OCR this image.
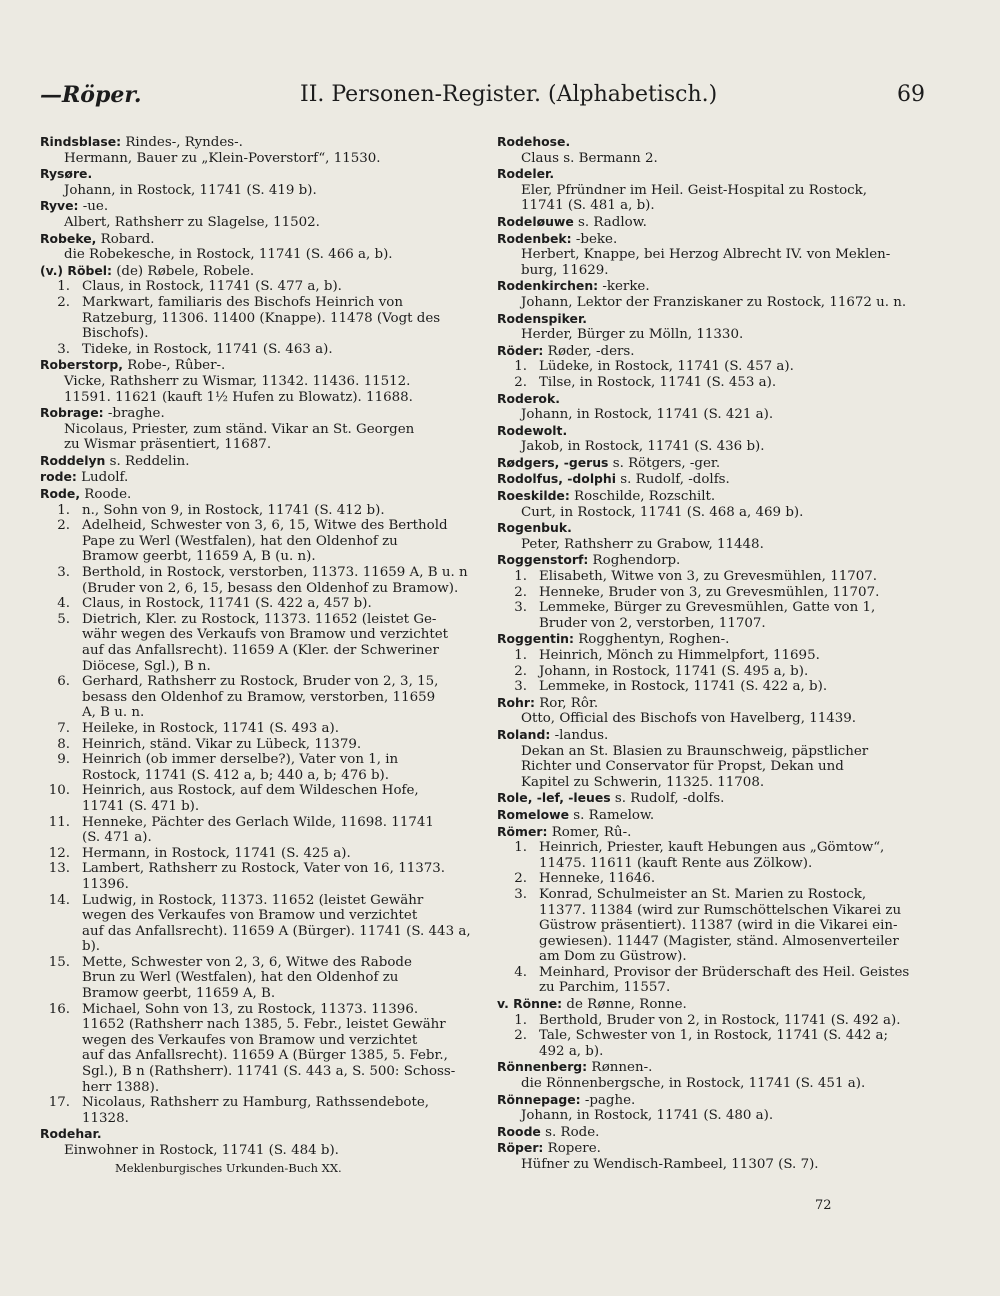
—Röper.	II. Personen-Register. (Alphabetisch.)	69
Rindsblase: Rindes-, Ryndes-.
Hermann, Bauer zu „Klein-Poverstorf“, 11530.
Rysøre.
Johann, in Rostock, 11741 (S. 419 b).
Ryve: -ue.
Albert, Rathsherr zu Slagelse, 11502.
Robeke, Robard.
die Robekesche, in Rostock, 11741 (S. 466 a, b).
(v.) Röbel: (de) Røbele, Robele.
1. Claus, in Rostock, 11741 (S. 477 a, b).
2. Markwart, familiaris des Bischofs Heinrich von
Ratzeburg, 11306. 11400 (Knappe). 11478 (Vogt des
Bischofs).
3. Tideke, in Rostock, 11741 (S. 463 a).
Roberstorp, Robe-, Rûber-.
Vicke, Rathsherr zu Wismar, 11342. 11436. 11512.
11591. 11621 (kauft 1½ Hufen zu Blowatz). 11688.
Robrage: -braghe.
Nicolaus, Priester, zum ständ. Vikar an St. Georgen
zu Wismar präsentiert, 11687.
Roddelyn s. Reddelin.
rode: Ludolf.
Rode, Roode.
1. n., Sohn von 9, in Rostock, 11741 (S. 412 b).
2. Adelheid, Schwester von 3, 6, 15, Witwe des Berthold
Pape zu Werl (Westfalen), hat den Oldenhof zu
Bramow geerbt, 11659 A, B (u. n).
3. Berthold, in Rostock, verstorben, 11373. 11659 A, B u. n
(Bruder von 2, 6, 15, besass den Oldenhof zu Bramow).
4. Claus, in Rostock, 11741 (S. 422 a, 457 b).
5. Dietrich, Kler. zu Rostock, 11373. 11652 (leistet Ge-
währ wegen des Verkaufs von Bramow und verzichtet
auf das Anfallsrecht). 11659 A (Kler. der Schweriner
Diöcese, Sgl.), B n.
6. Gerhard, Rathsherr zu Rostock, Bruder von 2, 3, 15,
besass den Oldenhof zu Bramow, verstorben, 11659
A, B u. n.
7. Heileke, in Rostock, 11741 (S. 493 a).
8. Heinrich, ständ. Vikar zu Lübeck, 11379.
9. Heinrich (ob immer derselbe?), Vater von 1, in
Rostock, 11741 (S. 412 a, b; 440 a, b; 476 b).
10. Heinrich, aus Rostock, auf dem Wildeschen Hofe,
11741 (S. 471 b).
11. Henneke, Pächter des Gerlach Wilde, 11698. 11741
(S. 471 a).
12. Hermann, in Rostock, 11741 (S. 425 a).
13. Lambert, Rathsherr zu Rostock, Vater von 16, 11373.
11396.
14. Ludwig, in Rostock, 11373. 11652 (leistet Gewähr
wegen des Verkaufes von Bramow und verzichtet
auf das Anfallsrecht). 11659 A (Bürger). 11741 (S. 443 a, b).
15. Mette, Schwester von 2, 3, 6, Witwe des Rabode
Brun zu Werl (Westfalen), hat den Oldenhof zu
Bramow geerbt, 11659 A, B.
16. Michael, Sohn von 13, zu Rostock, 11373. 11396.
11652 (Rathsherr nach 1385, 5. Febr., leistet Gewähr
wegen des Verkaufes von Bramow und verzichtet
auf das Anfallsrecht). 11659 A (Bürger 1385, 5. Febr.,
Sgl.), B n (Rathsherr). 11741 (S. 443 a, S. 500: Schoss-
herr 1388).
17. Nicolaus, Rathsherr zu Hamburg, Rathssendebote,
11328.
Rodehar.
Einwohner in Rostock, 11741 (S. 484 b).
Rodehose.
Claus s. Bermann 2.
Rodeler.
Eler, Pfründner im Heil. Geist-Hospital zu Rostock,
11741 (S. 481 a, b).
Rodeløuwe s. Radlow.
Rodenbek: -beke.
Herbert, Knappe, bei Herzog Albrecht IV. von Meklen-
burg, 11629.
Rodenkirchen: -kerke.
Johann, Lektor der Franziskaner zu Rostock, 11672 u. n.
Rodenspiker.
Herder, Bürger zu Mölln, 11330.
Röder: Røder, -ders.
1. Lüdeke, in Rostock, 11741 (S. 457 a).
2. Tilse, in Rostock, 11741 (S. 453 a).
Roderok.
Johann, in Rostock, 11741 (S. 421 a).
Rodewolt.
Jakob, in Rostock, 11741 (S. 436 b).
Rødgers, -gerus s. Rötgers, -ger.
Rodolfus, -dolphi s. Rudolf, -dolfs.
Roeskilde: Roschilde, Rozschilt.
Curt, in Rostock, 11741 (S. 468 a, 469 b).
Rogenbuk.
Peter, Rathsherr zu Grabow, 11448.
Roggenstorf: Roghendorp.
1. Elisabeth, Witwe von 3, zu Grevesmühlen, 11707.
2. Henneke, Bruder von 3, zu Grevesmühlen, 11707.
3. Lemmeke, Bürger zu Grevesmühlen, Gatte von 1,
Bruder von 2, verstorben, 11707.
Roggentin: Rogghentyn, Roghen-.
1. Heinrich, Mönch zu Himmelpfort, 11695.
2. Johann, in Rostock, 11741 (S. 495 a, b).
3. Lemmeke, in Rostock, 11741 (S. 422 a, b).
Rohr: Ror, Rôr.
Otto, Official des Bischofs von Havelberg, 11439.
Roland: -landus.
Dekan an St. Blasien zu Braunschweig, päpstlicher
Richter und Conservator für Propst, Dekan und
Kapitel zu Schwerin, 11325. 11708.
Role, -lef, -leues s. Rudolf, -dolfs.
Romelowe s. Ramelow.
Römer: Romer, Rû-.
1. Heinrich, Priester, kauft Hebungen aus „Gömtow“,
11475. 11611 (kauft Rente aus Zölkow).
2. Henneke, 11646.
3. Konrad, Schulmeister an St. Marien zu Rostock,
11377. 11384 (wird zur Rumschöttelschen Vikarei zu
Güstrow präsentiert). 11387 (wird in die Vikarei ein-
gewiesen). 11447 (Magister, ständ. Almosenverteiler
am Dom zu Güstrow).
4. Meinhard, Provisor der Brüderschaft des Heil. Geistes
zu Parchim, 11557.
v. Rönne: de Rønne, Ronne.
1. Berthold, Bruder von 2, in Rostock, 11741 (S. 492 a).
2. Tale, Schwester von 1, in Rostock, 11741 (S. 442 a;
492 a, b).
Rönnenberg: Rønnen-.
die Rönnenbergsche, in Rostock, 11741 (S. 451 a).
Rönnepage: -paghe.
Johann, in Rostock, 11741 (S. 480 a).
Roode s. Rode.
Röper: Ropere.
Hüfner zu Wendisch-Rambeel, 11307 (S. 7).
Meklenburgisches Urkunden-Buch XX.
72
